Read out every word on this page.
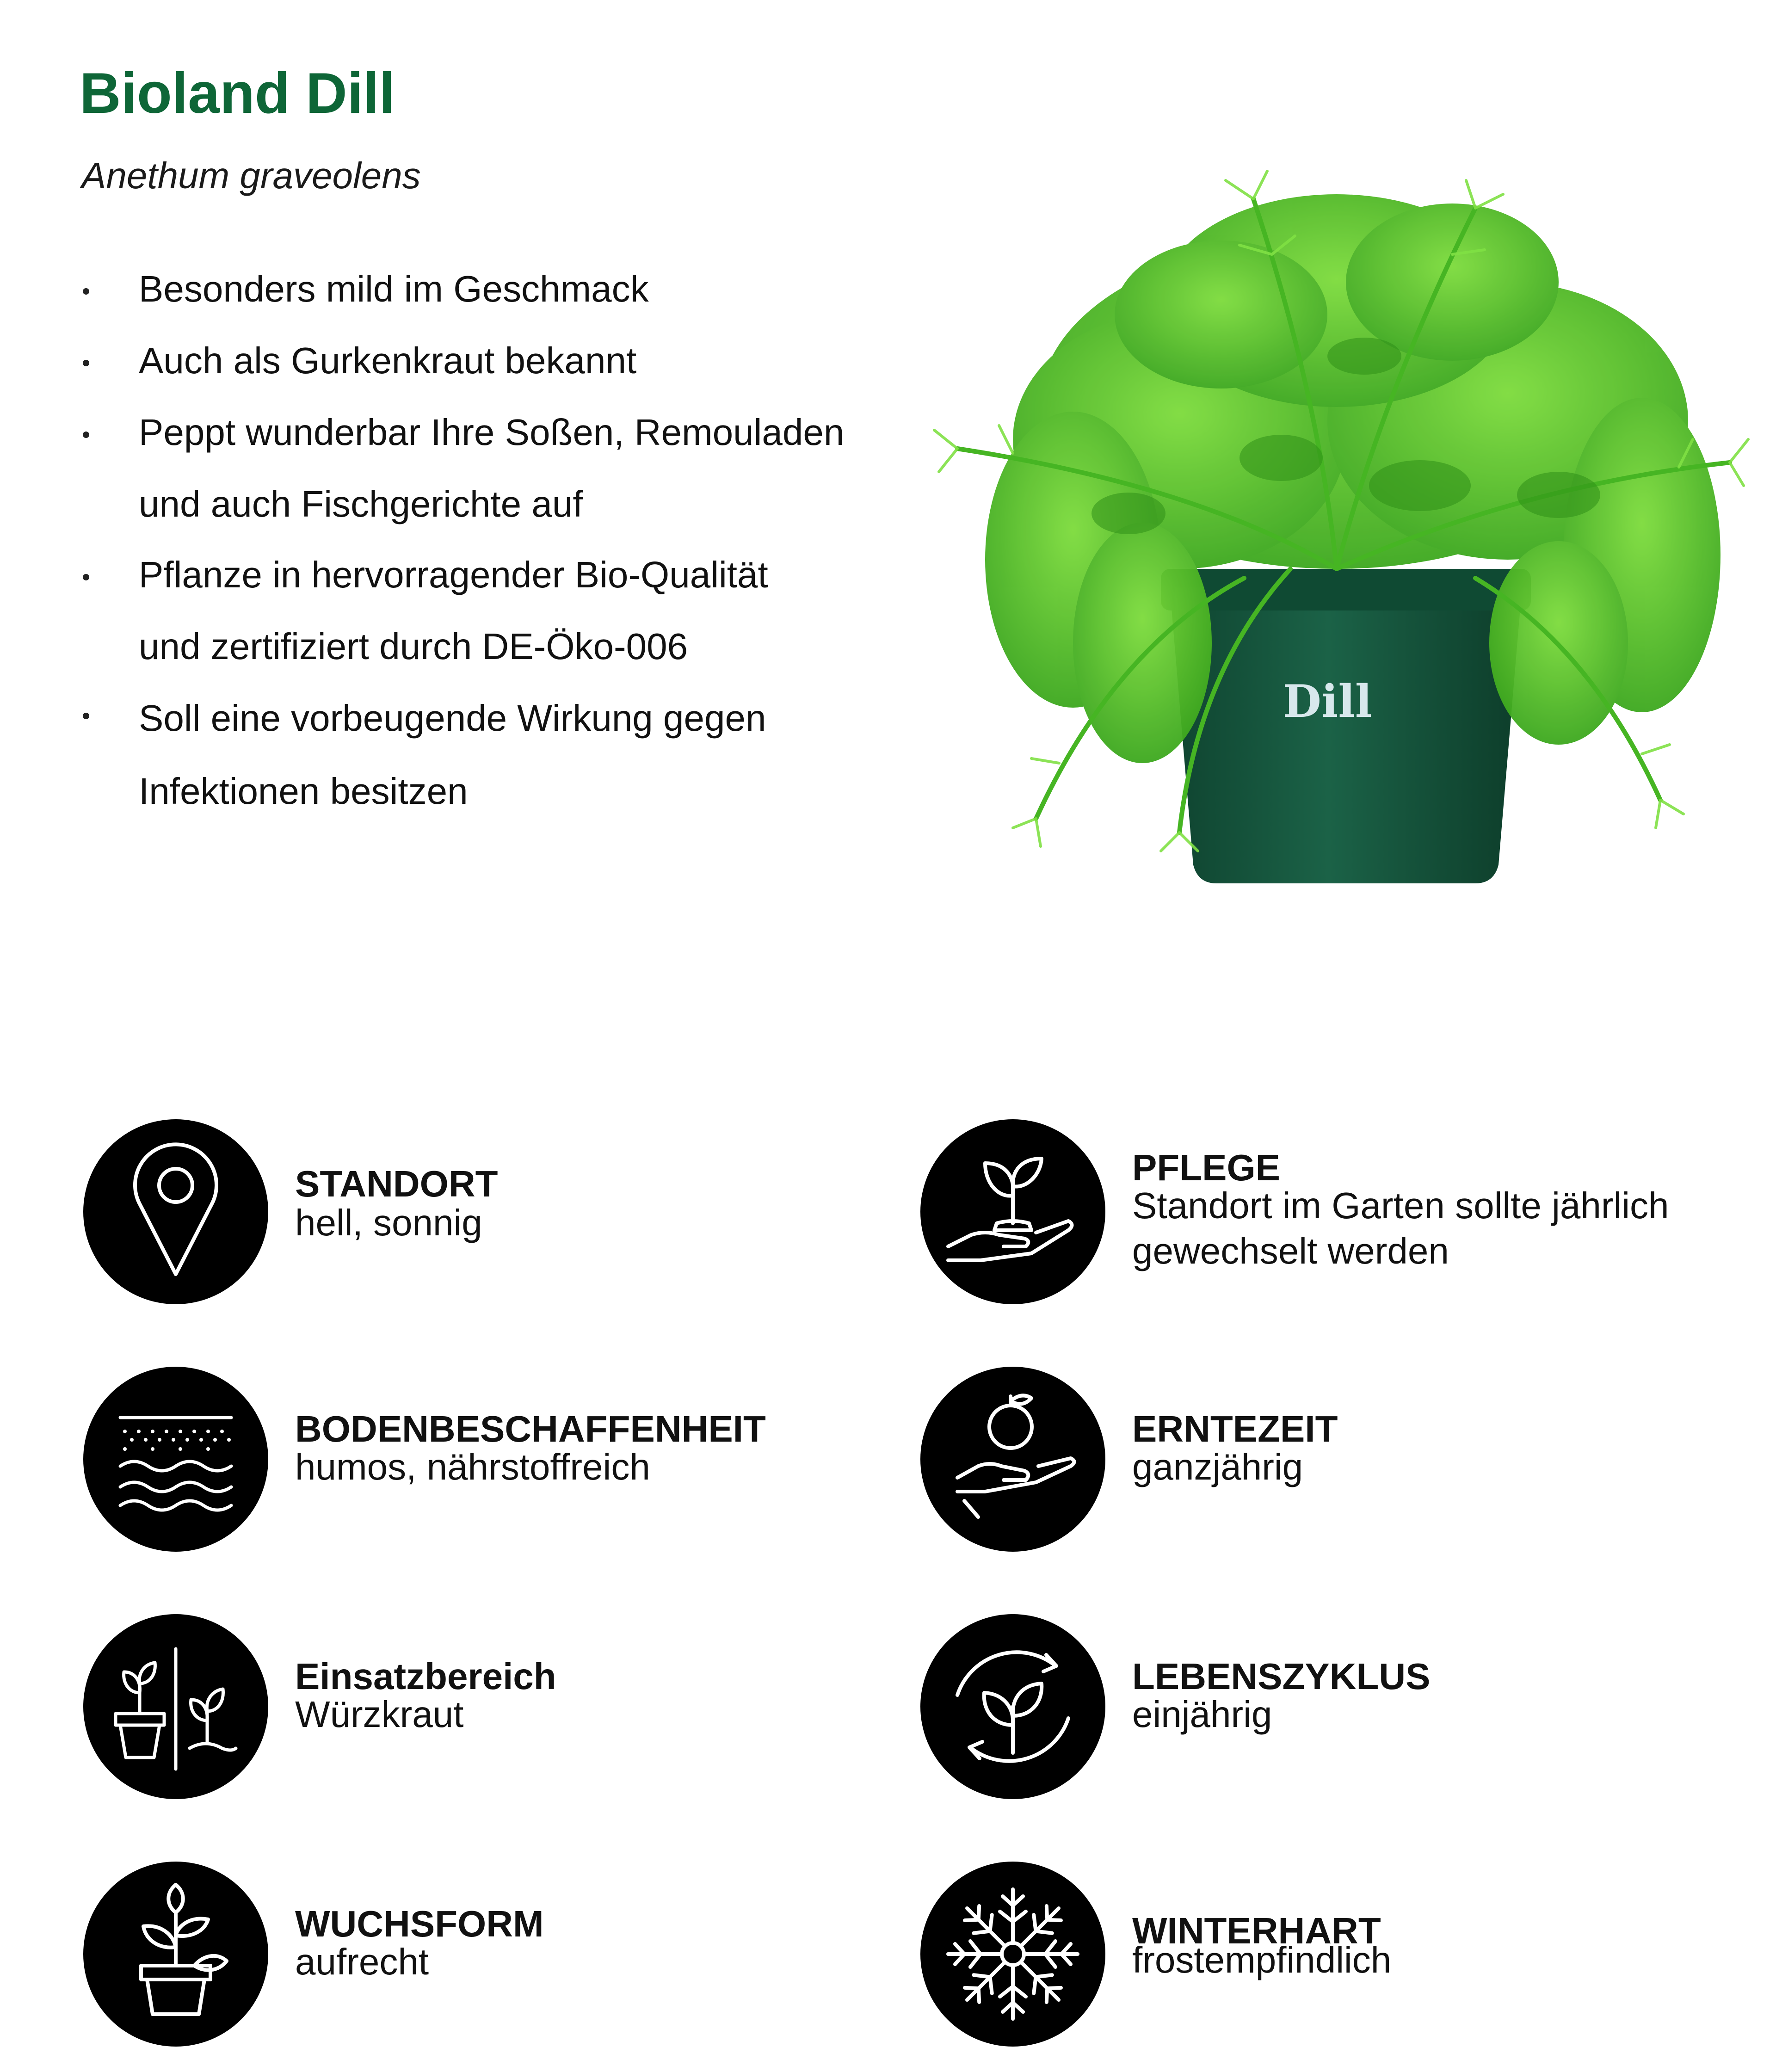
Bioland Dill

Anethum graveolens

Besonders mild im Geschmack
Auch als Gurkenkraut bekannt
Peppt wunderbar Ihre Soßen, Remouladen
und auch Fischgerichte auf
Pflanze in hervorragender Bio-Qualität
und zertifiziert durch DE-Öko-006
Soll eine vorbeugende Wirkung gegen
Infektionen besitzen
Dill
STANDORT
hell, sonnig
PFLEGE
Standort im Garten sollte jährlich
gewechselt werden
BODENBESCHAFFENHEIT
humos, nährstoffreich
ERNTEZEIT
ganzjährig
Einsatzbereich
Würzkraut
LEBENSZYKLUS
einjährig
WUCHSFORM
aufrecht
WINTERHART
frostempfindlich
